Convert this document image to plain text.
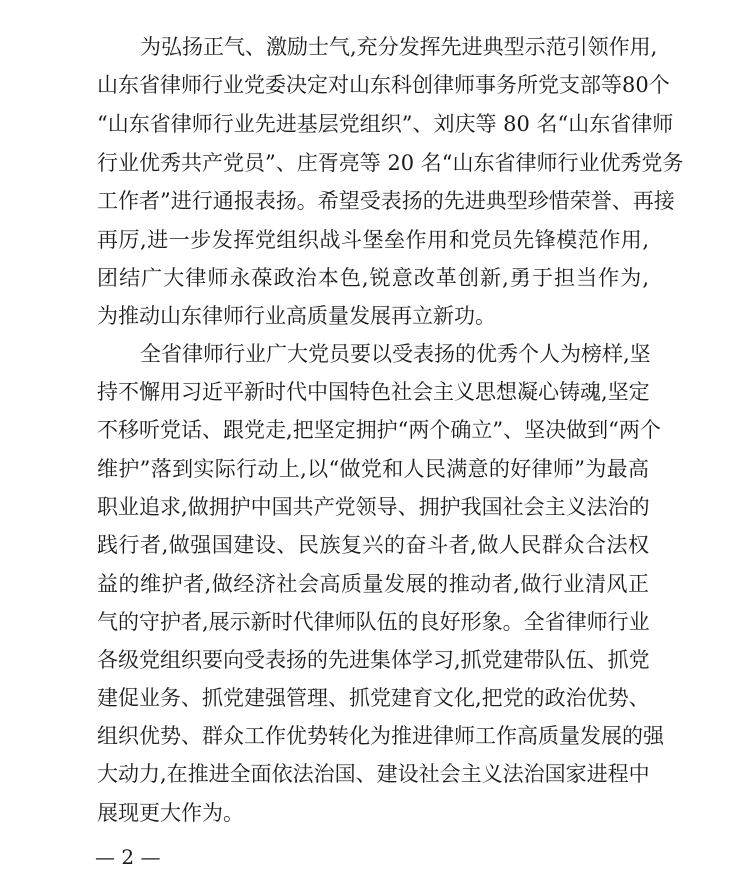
为弘扬正气、激励士气,充分发挥先进典型示范引领作用,
山东省律师行业党委决定对山东科创律师事务所党支部等80个
“山东省律师行业先进基层党组织”、刘庆等 80 名“山东省律师
行业优秀共产党员”、庄胥亮等 20 名“山东省律师行业优秀党务
工作者”进行通报表扬。希望受表扬的先进典型珍惜荣誉、再接
再厉,进一步发挥党组织战斗堡垒作用和党员先锋模范作用,
团结广大律师永葆政治本色,锐意改革创新,勇于担当作为,
为推动山东律师行业高质量发展再立新功。
全省律师行业广大党员要以受表扬的优秀个人为榜样,坚
持不懈用习近平新时代中国特色社会主义思想凝心铸魂,坚定
不移听党话、跟党走,把坚定拥护“两个确立”、坚决做到“两个
维护”落到实际行动上,以“做党和人民满意的好律师”为最高
职业追求,做拥护中国共产党领导、拥护我国社会主义法治的
践行者,做强国建设、民族复兴的奋斗者,做人民群众合法权
益的维护者,做经济社会高质量发展的推动者,做行业清风正
气的守护者,展示新时代律师队伍的良好形象。全省律师行业
各级党组织要向受表扬的先进集体学习,抓党建带队伍、抓党
建促业务、抓党建强管理、抓党建育文化,把党的政治优势、
组织优势、群众工作优势转化为推进律师工作高质量发展的强
大动力,在推进全面依法治国、建设社会主义法治国家进程中
展现更大作为。
— 2 —
